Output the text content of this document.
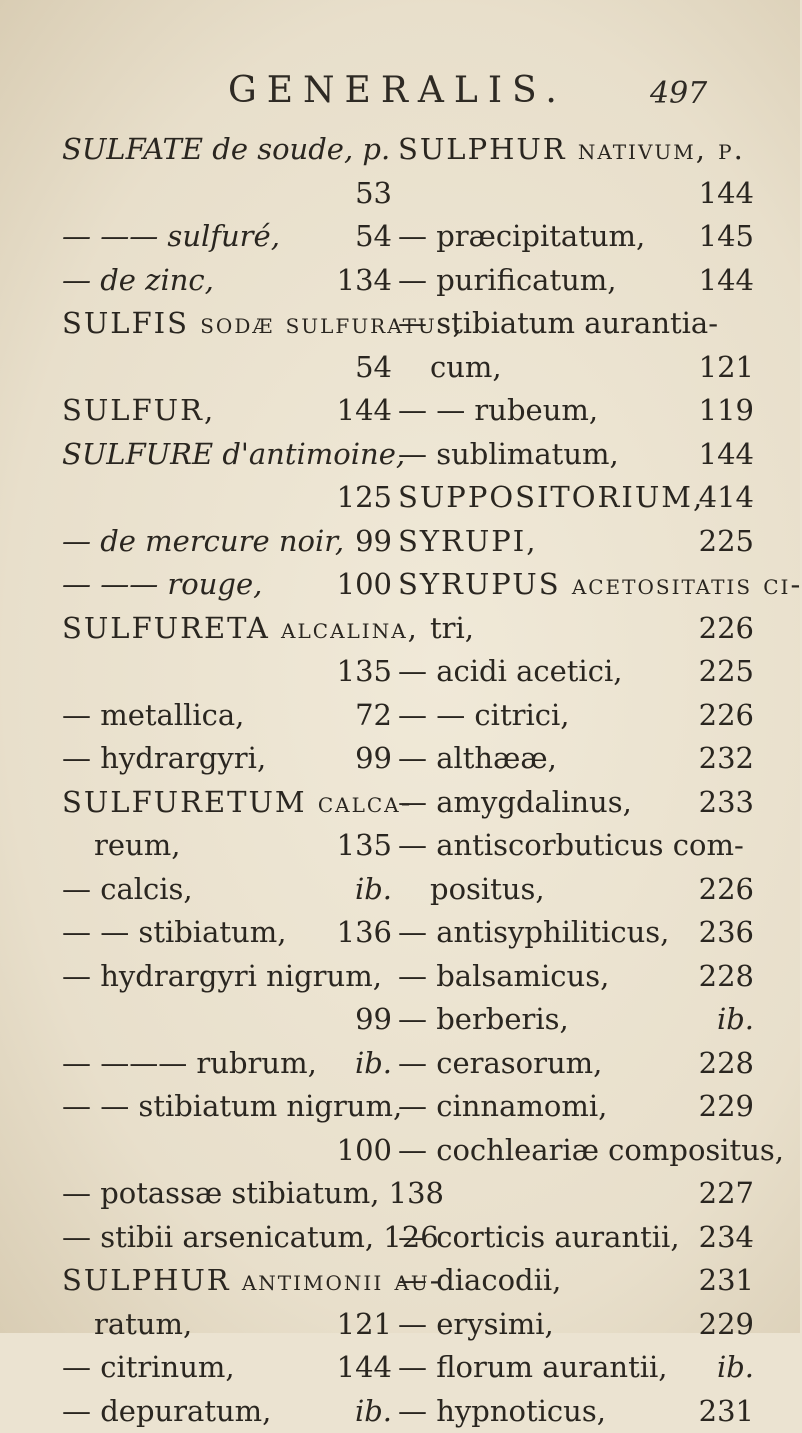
GENERALIS.	497
SULFATE de soude, p.
53
— —— sulfuré,	54
— de zinc,	134
SULFIS sodæ sulfuratus,
54
SULFUR,	144
SULFURE d'antimoine,
125
— de mercure noir, 99
— —— rouge,	100
SULFURETA alcalina,
135
— metallica,	72
— hydrargyri,	99
SULFURETUM calca-
reum,	135
— calcis,	ib.
— — stibiatum, 136
— hydrargyri nigrum,
99
— ——— rubrum, ib.
— — stibiatum nigrum,
100
— potassæ stibiatum, 138
— stibii arsenicatum, 126
SULPHUR antimonii au-
ratum,	121
— citrinum,	144
— depuratum,	ib.
SULPHUR nativum, p.
144
— præcipitatum, 145
— purificatum,	144
— stibiatum aurantia-
cum,	121
— — rubeum,	119
— sublimatum,	144
SUPPOSITORIUM,
414
SYRUPI,	225
SYRUPUS acetositatis ci-
tri,	226
— acidi acetici,	225
— — citrici,	226
— althææ,	232
— amygdalinus, 233
— antiscorbuticus com-
positus,	226
— antisyphiliticus, 236
— balsamicus,	228
— berberis,	ib.
— cerasorum,	228
— cinnamomi,	229
— cochleariæ compositus,
227
— corticis aurantii, 234
— diacodii,	231
— erysimi,	229
— florum aurantii, ib.
— hypnoticus,	231
